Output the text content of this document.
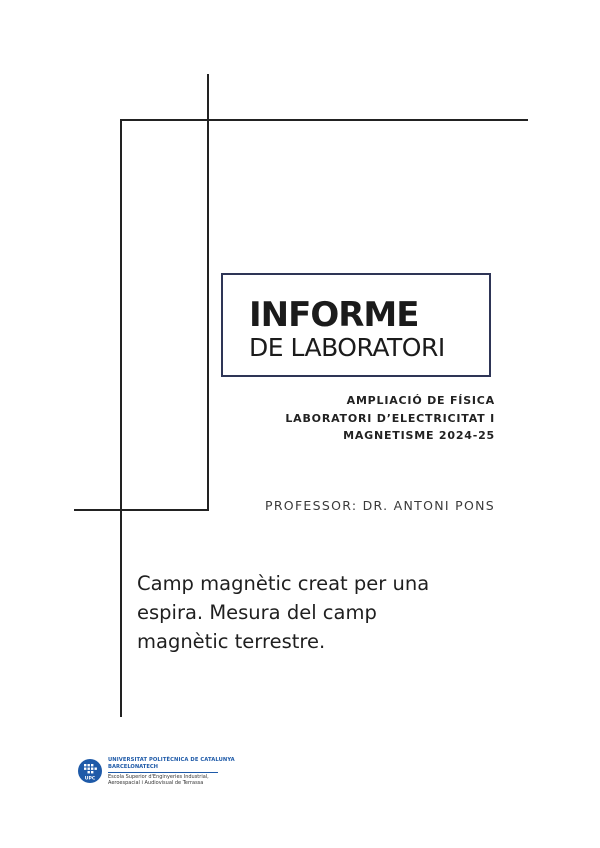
INFORME
DE LABORATORI
AMPLIACIÓ DE FÍSICA
LABORATORI D’ELECTRICITAT I
MAGNETISME 2024-25
PROFESSOR: DR. ANTONI PONS
Camp magnètic creat per una
espira. Mesura del camp
magnètic terrestre.
UPC
UNIVERSITAT POLITÈCNICA DE CATALUNYA
BARCELONATECH
Escola Superior d'Enginyeries Industrial,
Aeroespacial i Audiovisual de Terrassa
